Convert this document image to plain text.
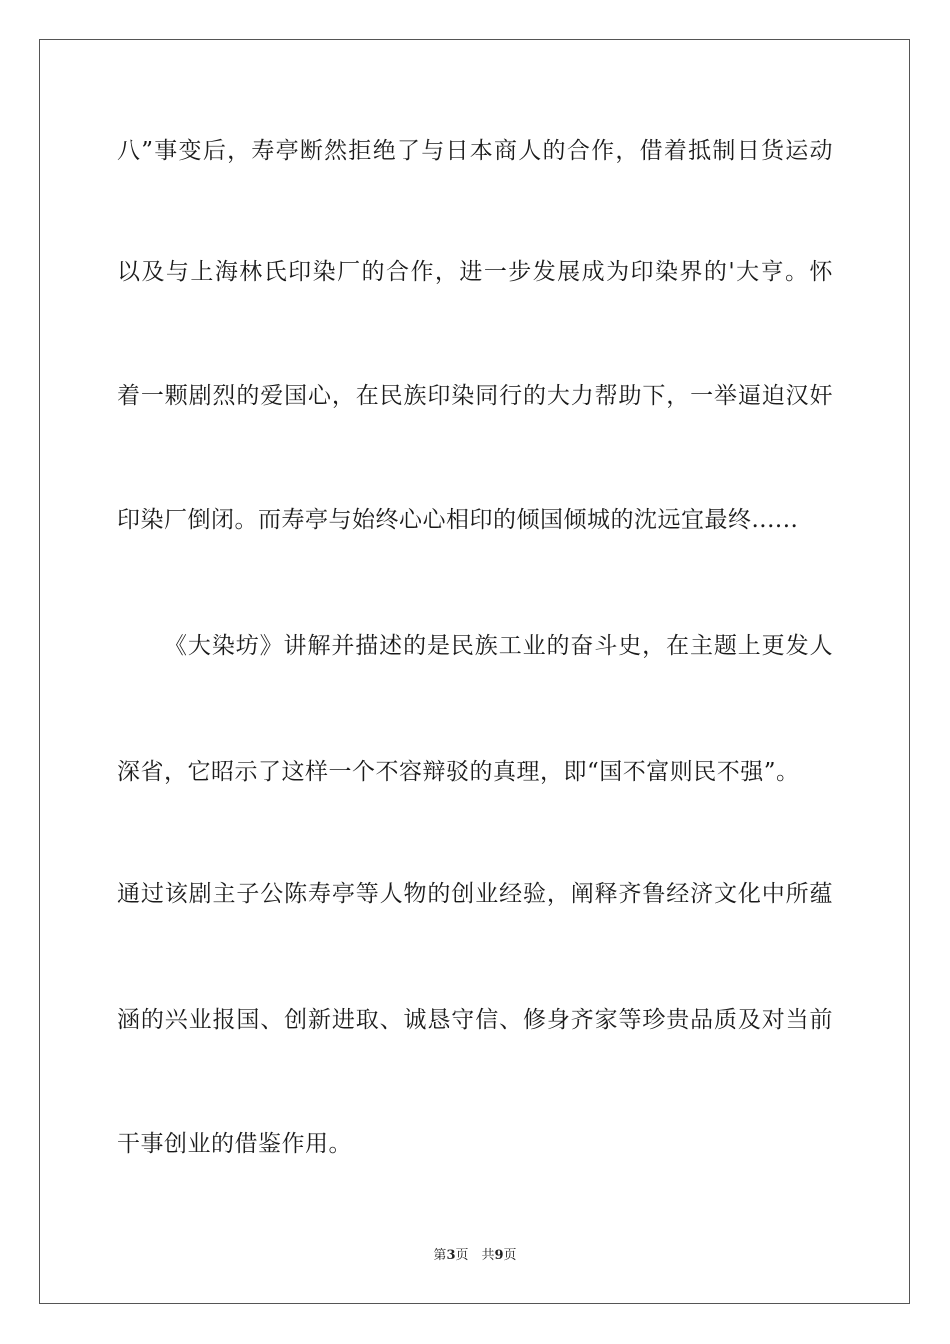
八”事变后，寿亭断然拒绝了与日本商人的合作，借着抵制日货运动
以及与上海林氏印染厂的合作，进一步发展成为印染界的'大亨。怀
着一颗剧烈的爱国心，在民族印染同行的大力帮助下，一举逼迫汉奸
印染厂倒闭。而寿亭与始终心心相印的倾国倾城的沈远宜最终......
《大染坊》讲解并描述的是民族工业的奋斗史，在主题上更发人
深省，它昭示了这样一个不容辩驳的真理，即“国不富则民不强”。
通过该剧主子公陈寿亭等人物的创业经验，阐释齐鲁经济文化中所蕴
涵的兴业报国、创新进取、诚恳守信、修身齐家等珍贵品质及对当前
干事创业的借鉴作用。
第3页　共9页
